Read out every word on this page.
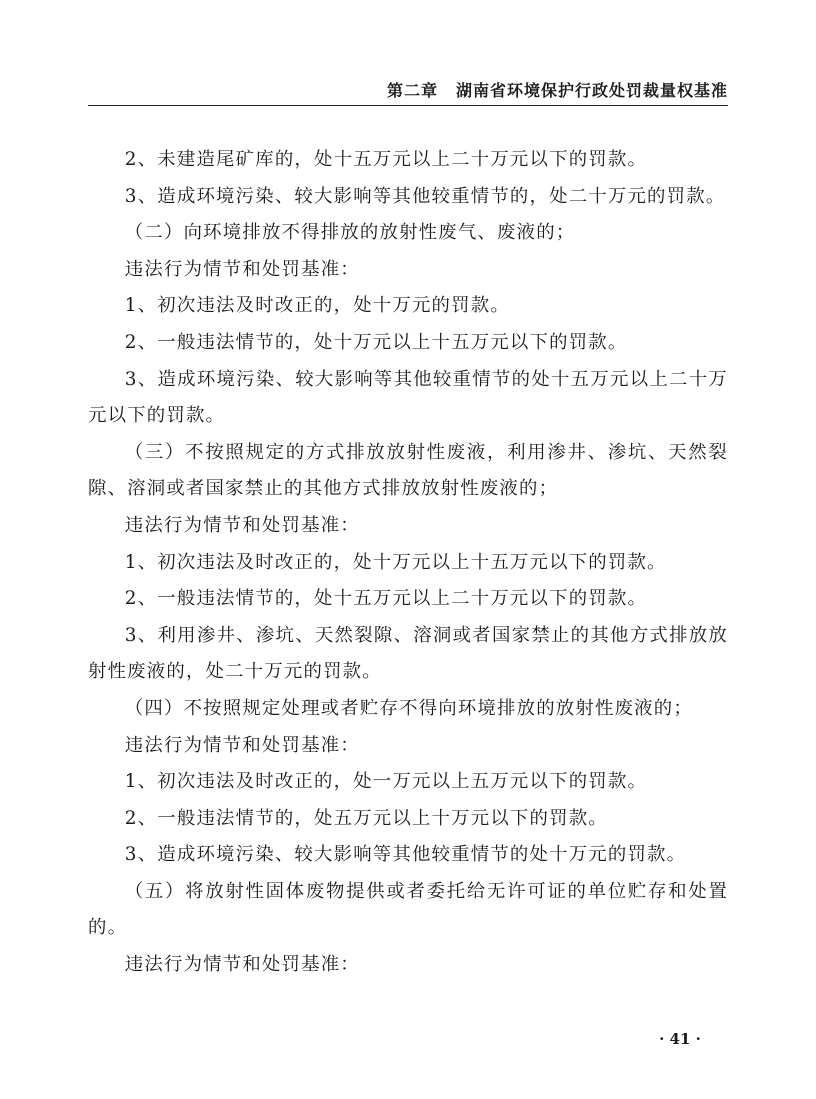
第二章 湖南省环境保护行政处罚裁量权基准

2、未建造尾矿库的，处十五万元以上二十万元以下的罚款。

3、造成环境污染、较大影响等其他较重情节的，处二十万元的罚款。

（二）向环境排放不得排放的放射性废气、废液的；

违法行为情节和处罚基准：

1、初次违法及时改正的，处十万元的罚款。

2、一般违法情节的，处十万元以上十五万元以下的罚款。

3、造成环境污染、较大影响等其他较重情节的处十五万元以上二十万元以下的罚款。

（三）不按照规定的方式排放放射性废液，利用渗井、渗坑、天然裂隙、溶洞或者国家禁止的其他方式排放放射性废液的；

违法行为情节和处罚基准：

1、初次违法及时改正的，处十万元以上十五万元以下的罚款。

2、一般违法情节的，处十五万元以上二十万元以下的罚款。

3、利用渗井、渗坑、天然裂隙、溶洞或者国家禁止的其他方式排放放射性废液的，处二十万元的罚款。

（四）不按照规定处理或者贮存不得向环境排放的放射性废液的；

违法行为情节和处罚基准：

1、初次违法及时改正的，处一万元以上五万元以下的罚款。

2、一般违法情节的，处五万元以上十万元以下的罚款。

3、造成环境污染、较大影响等其他较重情节的处十万元的罚款。

（五）将放射性固体废物提供或者委托给无许可证的单位贮存和处置的。

违法行为情节和处罚基准：

· 41 ·
